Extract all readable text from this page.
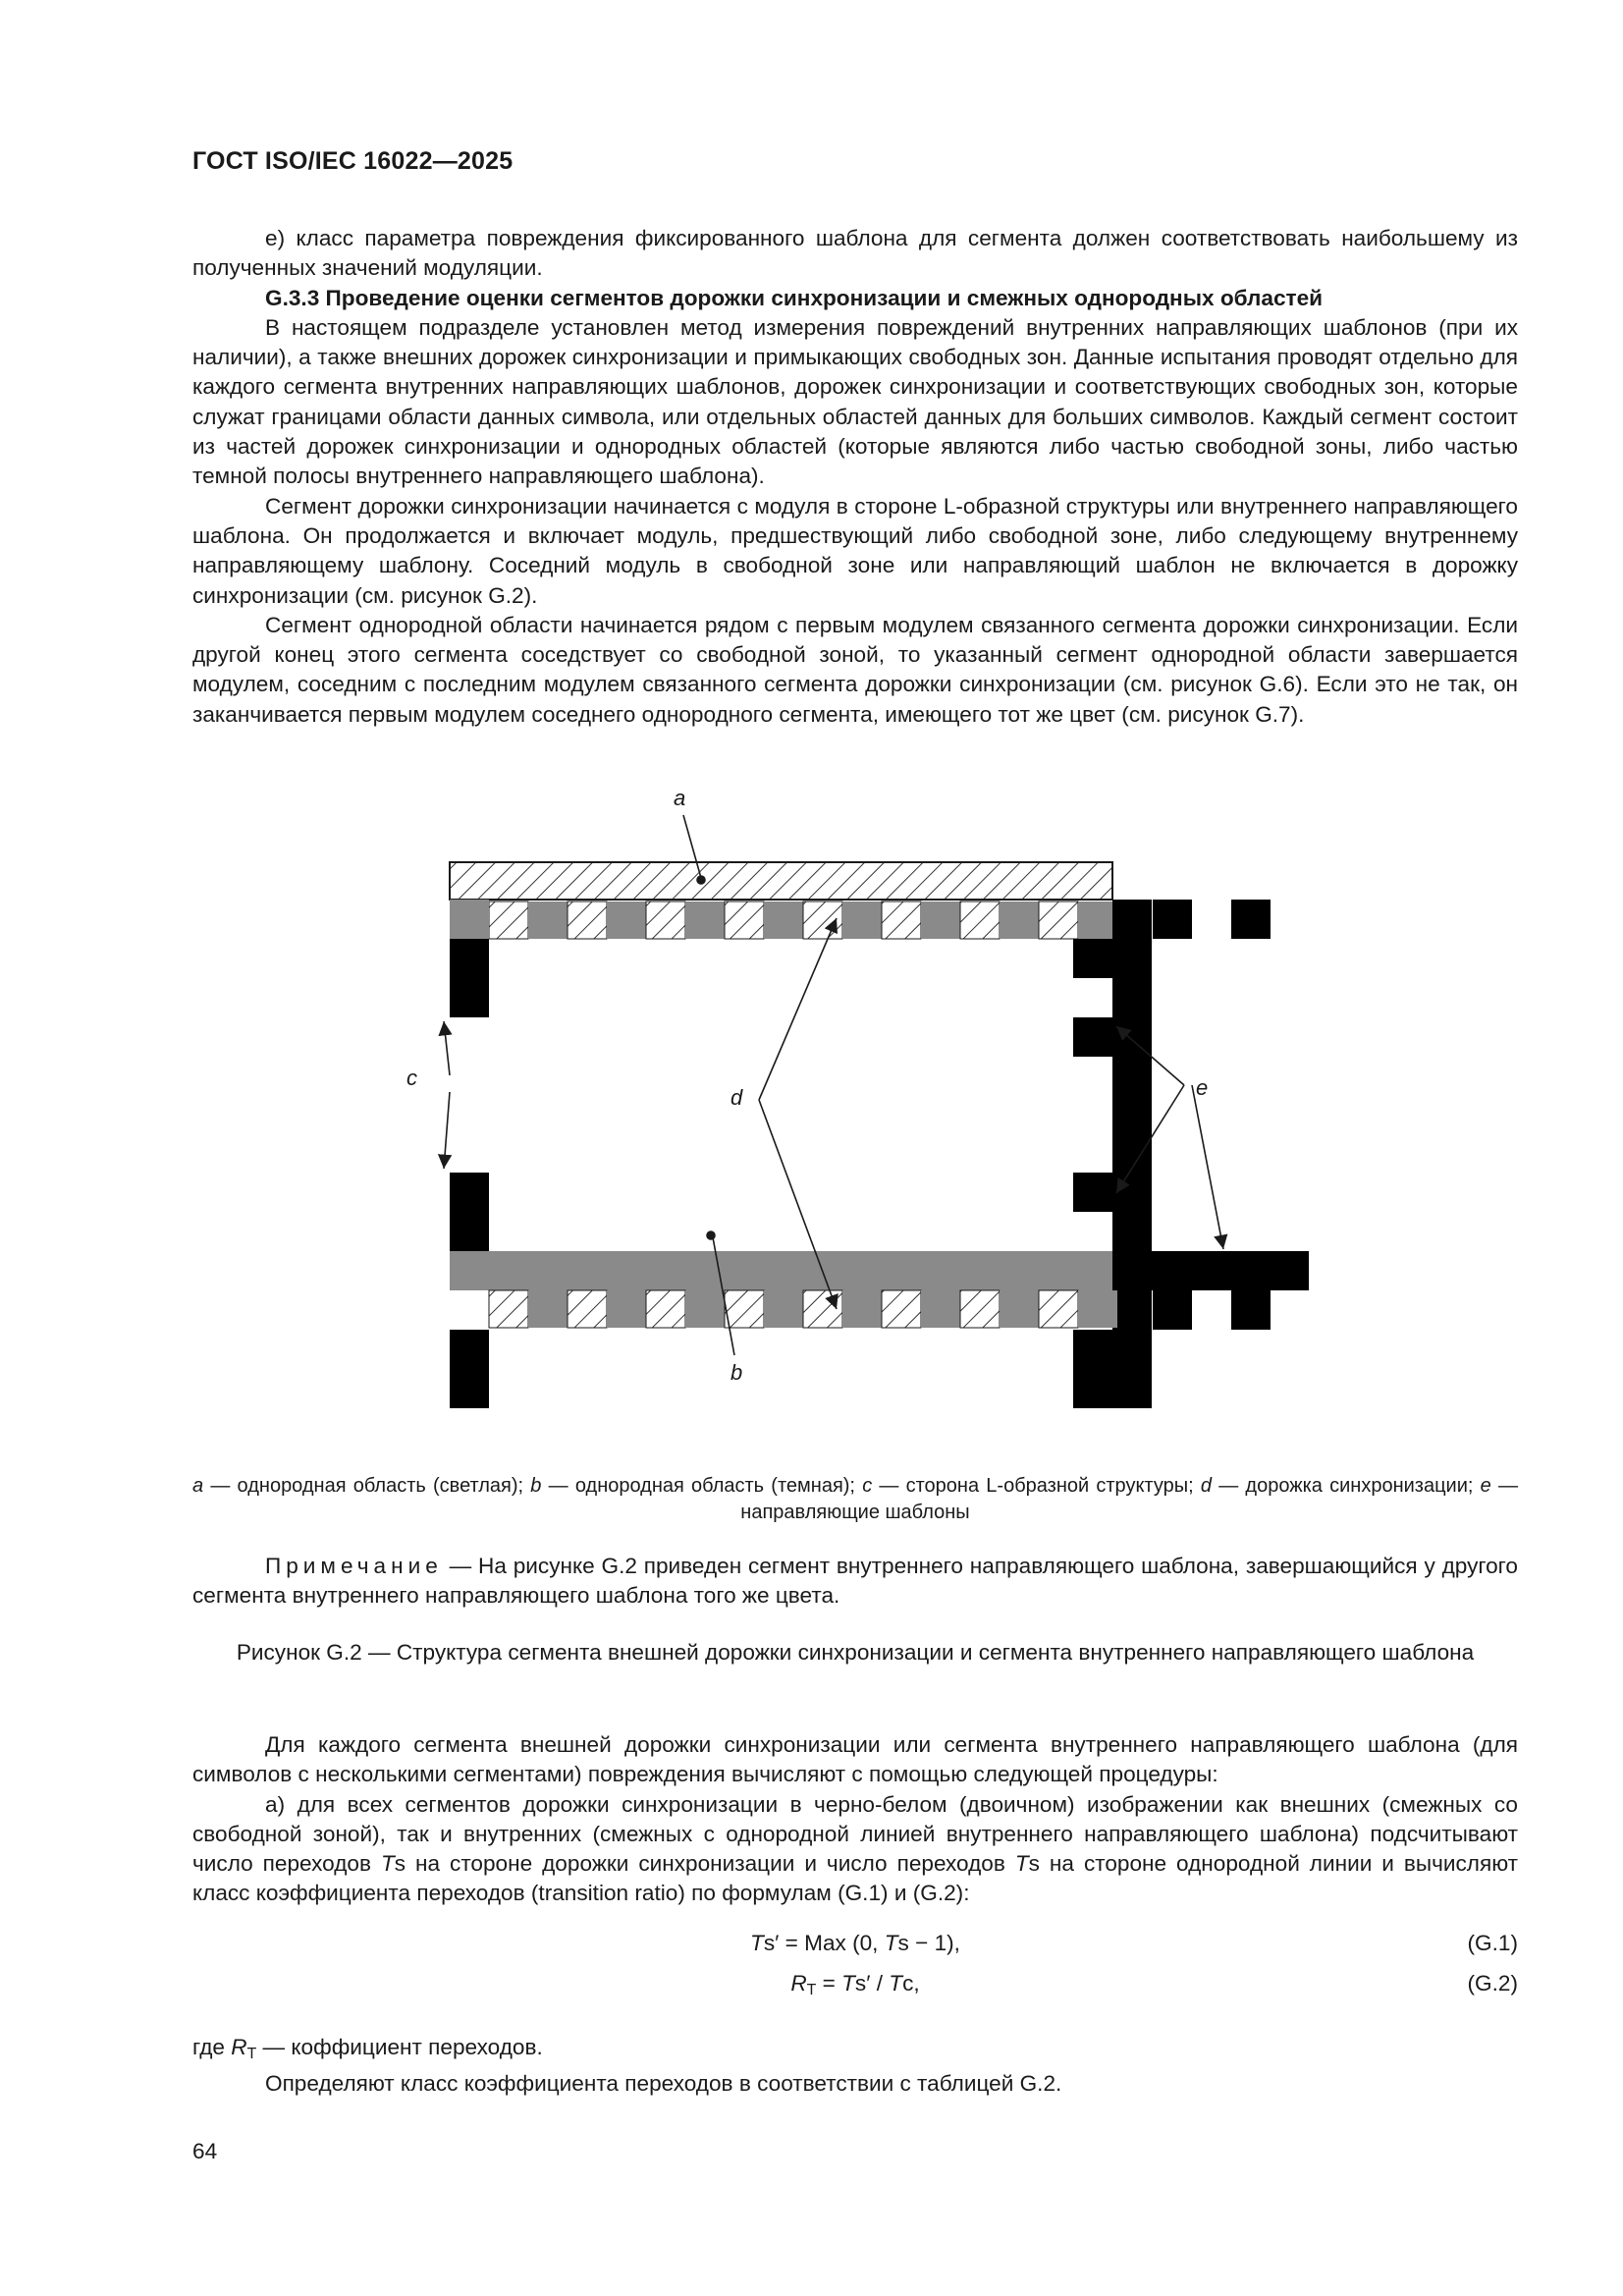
ГОСТ ISO/IEC 16022—2025

е) класс параметра повреждения фиксированного шаблона для сегмента должен соответствовать наибольшему из полученных значений модуляции.

G.3.3 Проведение оценки сегментов дорожки синхронизации и смежных однородных областей

В настоящем подразделе установлен метод измерения повреждений внутренних направляющих шаблонов (при их наличии), а также внешних дорожек синхронизации и примыкающих свободных зон. Данные испытания проводят отдельно для каждого сегмента внутренних направляющих шаблонов, дорожек синхронизации и соответствующих свободных зон, которые служат границами области данных символа, или отдельных областей данных для больших символов. Каждый сегмент состоит из частей дорожек синхронизации и однородных областей (которые являются либо частью свободной зоны, либо частью темной полосы внутреннего направляющего шаблона).

Сегмент дорожки синхронизации начинается с модуля в стороне L-образной структуры или внутреннего направляющего шаблона. Он продолжается и включает модуль, предшествующий либо свободной зоне, либо следующему внутреннему направляющему шаблону. Соседний модуль в свободной зоне или направляющий шаблон не включается в дорожку синхронизации (см. рисунок G.2).

Сегмент однородной области начинается рядом с первым модулем связанного сегмента дорожки синхронизации. Если другой конец этого сегмента соседствует со свободной зоной, то указанный сегмент однородной области завершается модулем, соседним с последним модулем связанного сегмента дорожки синхронизации (см. рисунок G.6). Если это не так, он заканчивается первым модулем соседнего однородного сегмента, имеющего тот же цвет (см. рисунок G.7).

a
c
d	e
b

a — однородная область (светлая); b — однородная область (темная); c — сторона L-образной структуры; d — дорожка синхронизации; e — направляющие шаблоны

Примечание — На рисунке G.2 приведен сегмент внутреннего направляющего шаблона, завершающийся у другого сегмента внутреннего направляющего шаблона того же цвета.

Рисунок G.2 — Структура сегмента внешней дорожки синхронизации и сегмента внутреннего направляющего шаблона

Для каждого сегмента внешней дорожки синхронизации или сегмента внутреннего направляющего шаблона (для символов с несколькими сегментами) повреждения вычисляют с помощью следующей процедуры:

а) для всех сегментов дорожки синхронизации в черно-белом (двоичном) изображении как внешних (смежных со свободной зоной), так и внутренних (смежных с однородной линией внутреннего направляющего шаблона) подсчитывают число переходов Ts на стороне дорожки синхронизации и число переходов Ts на стороне однородной линии и вычисляют класс коэффициента переходов (transition ratio) по формулам (G.1) и (G.2):

Ts′ = Max (0, Ts − 1),	(G.1)
$R_T = Ts' / Tc$,	(G.2)

где $R_T$ — коффициент переходов.

Определяют класс коэффициента переходов в соответствии с таблицей G.2.

64
